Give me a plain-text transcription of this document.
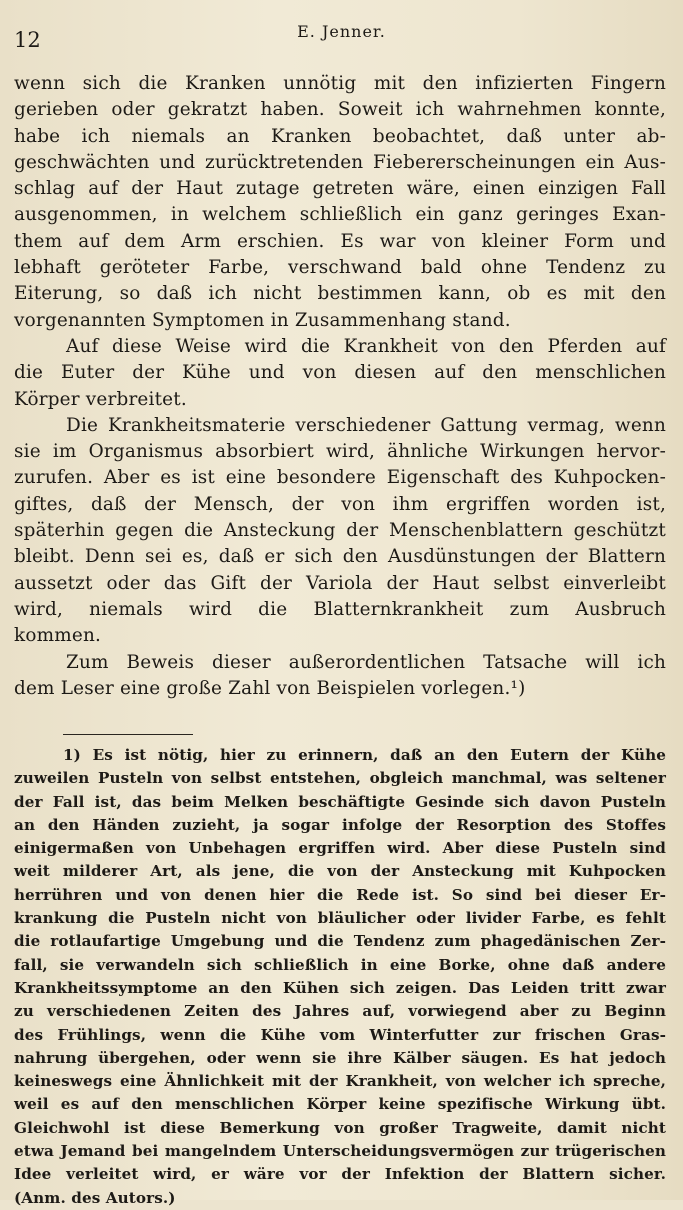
12	E. Jenner.

wenn sich die Kranken unnötig mit den infizierten Fingern
gerieben oder gekratzt haben. Soweit ich wahrnehmen konnte,
habe ich niemals an Kranken beobachtet, daß unter ab-
geschwächten und zurücktretenden Fiebererscheinungen ein Aus-
schlag auf der Haut zutage getreten wäre, einen einzigen Fall
ausgenommen, in welchem schließlich ein ganz geringes Exan-
them auf dem Arm erschien. Es war von kleiner Form und
lebhaft geröteter Farbe, verschwand bald ohne Tendenz zu
Eiterung, so daß ich nicht bestimmen kann, ob es mit den
vorgenannten Symptomen in Zusammenhang stand.

Auf diese Weise wird die Krankheit von den Pferden auf
die Euter der Kühe und von diesen auf den menschlichen
Körper verbreitet.

Die Krankheitsmaterie verschiedener Gattung vermag, wenn
sie im Organismus absorbiert wird, ähnliche Wirkungen hervor-
zurufen. Aber es ist eine besondere Eigenschaft des Kuhpocken-
giftes, daß der Mensch, der von ihm ergriffen worden ist,
späterhin gegen die Ansteckung der Menschenblattern geschützt
bleibt. Denn sei es, daß er sich den Ausdünstungen der Blattern
aussetzt oder das Gift der Variola der Haut selbst einverleibt
wird, niemals wird die Blatternkrankheit zum Ausbruch
kommen.

Zum Beweis dieser außerordentlichen Tatsache will ich
dem Leser eine große Zahl von Beispielen vorlegen.¹)

1) Es ist nötig, hier zu erinnern, daß an den Eutern der Kühe
zuweilen Pusteln von selbst entstehen, obgleich manchmal, was seltener
der Fall ist, das beim Melken beschäftigte Gesinde sich davon Pusteln
an den Händen zuzieht, ja sogar infolge der Resorption des Stoffes
einigermaßen von Unbehagen ergriffen wird. Aber diese Pusteln sind
weit milderer Art, als jene, die von der Ansteckung mit Kuhpocken
herrühren und von denen hier die Rede ist. So sind bei dieser Er-
krankung die Pusteln nicht von bläulicher oder livider Farbe, es fehlt
die rotlaufartige Umgebung und die Tendenz zum phagedänischen Zer-
fall, sie verwandeln sich schließlich in eine Borke, ohne daß andere
Krankheitssymptome an den Kühen sich zeigen. Das Leiden tritt zwar
zu verschiedenen Zeiten des Jahres auf, vorwiegend aber zu Beginn
des Frühlings, wenn die Kühe vom Winterfutter zur frischen Gras-
nahrung übergehen, oder wenn sie ihre Kälber säugen. Es hat jedoch
keineswegs eine Ähnlichkeit mit der Krankheit, von welcher ich spreche,
weil es auf den menschlichen Körper keine spezifische Wirkung übt.
Gleichwohl ist diese Bemerkung von großer Tragweite, damit nicht
etwa Jemand bei mangelndem Unterscheidungsvermögen zur trügerischen
Idee verleitet wird, er wäre vor der Infektion der Blattern sicher.
(Anm. des Autors.)
